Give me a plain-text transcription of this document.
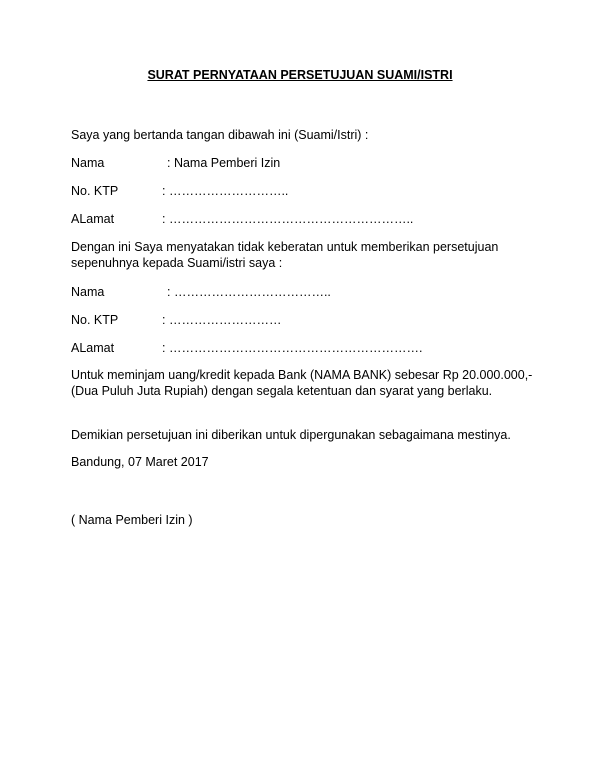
SURAT PERNYATAAN PERSETUJUAN SUAMI/ISTRI
Saya yang bertanda tangan dibawah ini (Suami/Istri) :
Nama	: Nama Pemberi Izin
No. KTP	: ………………………..
ALamat	: …………………………………………………..
Dengan ini Saya menyatakan tidak keberatan untuk memberikan persetujuan sepenuhnya kepada Suami/istri saya :
Nama	: ………………………………..
No. KTP	: ………………………
ALamat	: …………………………………………………….
Untuk meminjam uang/kredit kepada Bank (NAMA BANK) sebesar Rp 20.000.000,- (Dua Puluh Juta Rupiah) dengan segala ketentuan dan syarat yang berlaku.
Demikian persetujuan ini diberikan untuk dipergunakan sebagaimana mestinya.
Bandung, 07 Maret 2017
( Nama Pemberi Izin )
